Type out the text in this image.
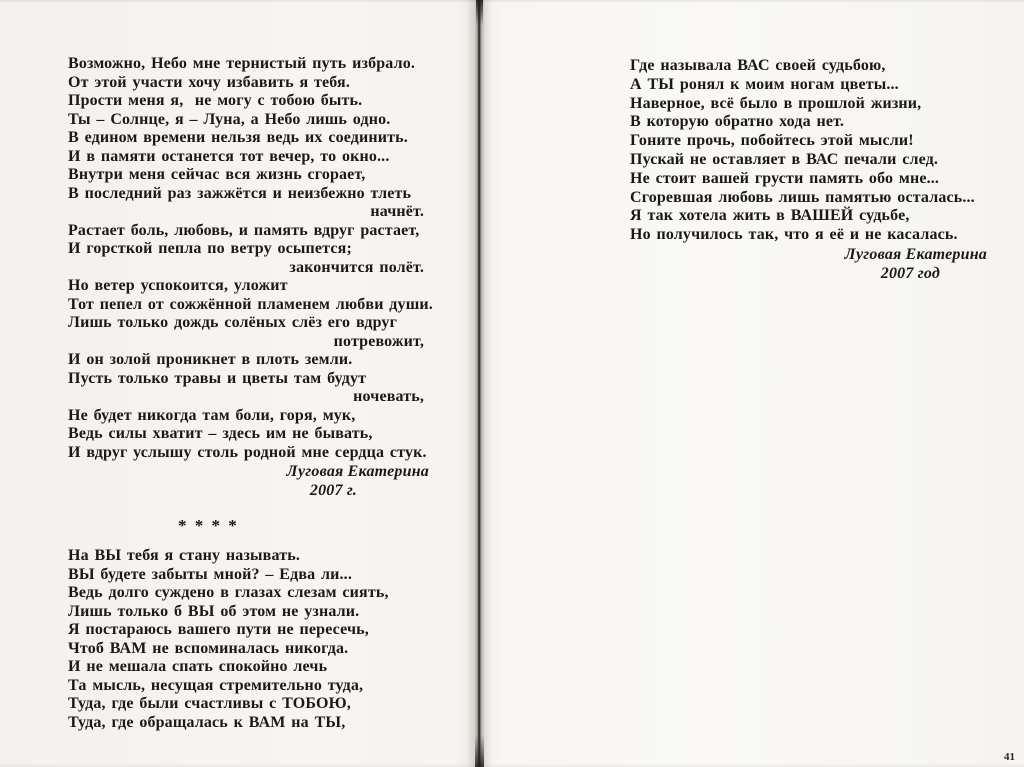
Возможно, Небо мне тернистый путь избрало.
От этой участи хочу избавить я тебя.
Прости меня я,  не могу с тобою быть.
Ты – Солнце, я – Луна, а Небо лишь одно.
В едином времени нельзя ведь их соединить.
И в памяти останется тот вечер, то окно...
Внутри меня сейчас вся жизнь сгорает,
В последний раз зажжётся и неизбежно тлеть
начнёт.
Растает боль, любовь, и память вдруг растает,
И горсткой пепла по ветру осыпется;
закончится полёт.
Но ветер успокоится, уложит
Тот пепел от сожжённой пламенем любви души.
Лишь только дождь солёных слёз его вдруг
потревожит,
И он золой проникнет в плоть земли.
Пусть только травы и цветы там будут
ночевать,
Не будет никогда там боли, горя, мук,
Ведь силы хватит – здесь им не бывать,
И вдруг услышу столь родной мне сердца стук.
Луговая Екатерина
2007 г.
* * * *
На ВЫ тебя я стану называть.
ВЫ будете забыты мной? – Едва ли...
Ведь долго суждено в глазах слезам сиять,
Лишь только б ВЫ об этом не узнали.
Я постараюсь вашего пути не пересечь,
Чтоб ВАМ не вспоминалась никогда.
И не мешала спать спокойно лечь
Та мысль, несущая стремительно туда,
Туда, где были счастливы с ТОБОЮ,
Туда, где обращалась к ВАМ на ТЫ,
Где называла ВАС своей судьбою,
А ТЫ ронял к моим ногам цветы...
Наверное, всё было в прошлой жизни,
В которую обратно хода нет.
Гоните прочь, побойтесь этой мысли!
Пускай не оставляет в ВАС печали след.
Не стоит вашей грусти память обо мне...
Сгоревшая любовь лишь памятью осталась...
Я так хотела жить в ВАШЕЙ судьбе,
Но получилось так, что я её и не касалась.
Луговая Екатерина
2007 год
41
